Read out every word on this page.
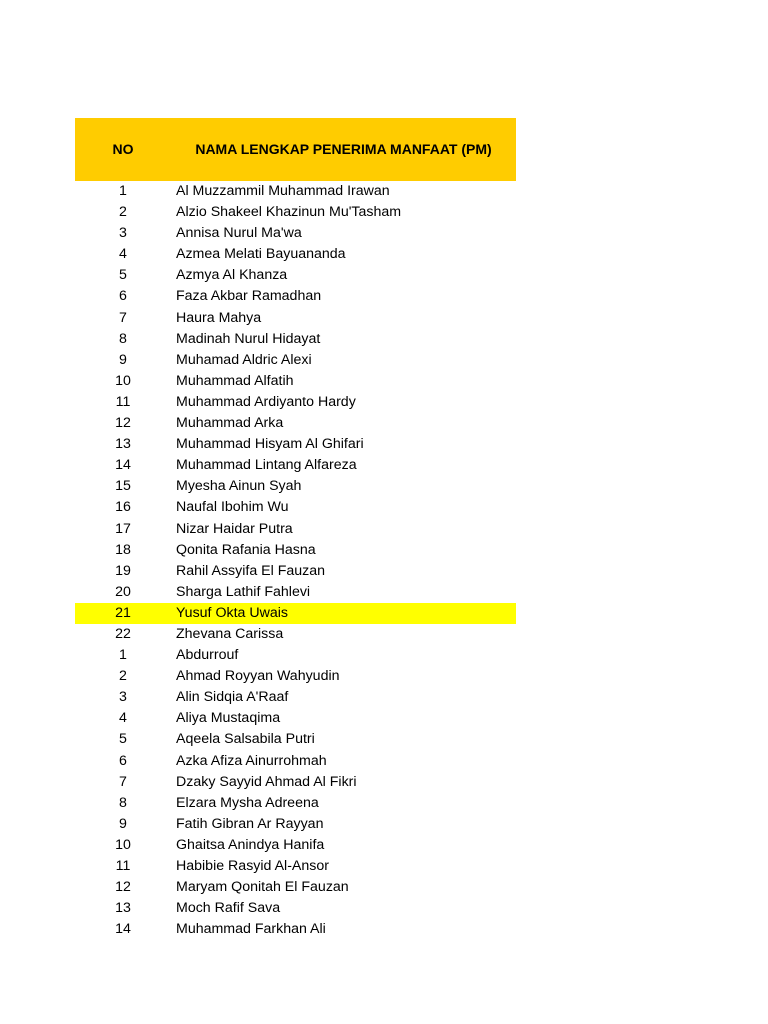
NO	NAMA LENGKAP PENERIMA MANFAAT (PM)
1	Al Muzzammil Muhammad Irawan
2	Alzio Shakeel Khazinun Mu'Tasham
3	Annisa Nurul Ma'wa
4	Azmea Melati Bayuananda
5	Azmya Al Khanza
6	Faza Akbar Ramadhan
7	Haura Mahya
8	Madinah Nurul Hidayat
9	Muhamad Aldric Alexi
10	Muhammad Alfatih
11	Muhammad Ardiyanto Hardy
12	Muhammad Arka
13	Muhammad Hisyam Al Ghifari
14	Muhammad Lintang Alfareza
15	Myesha Ainun Syah
16	Naufal Ibohim Wu
17	Nizar Haidar Putra
18	Qonita Rafania Hasna
19	Rahil Assyifa El Fauzan
20	Sharga Lathif Fahlevi
21	Yusuf Okta Uwais
22	Zhevana Carissa
1	Abdurrouf
2	Ahmad Royyan Wahyudin
3	Alin Sidqia A'Raaf
4	Aliya Mustaqima
5	Aqeela Salsabila Putri
6	Azka Afiza Ainurrohmah
7	Dzaky Sayyid Ahmad Al Fikri
8	Elzara Mysha Adreena
9	Fatih Gibran Ar Rayyan
10	Ghaitsa Anindya Hanifa
11	Habibie Rasyid Al-Ansor
12	Maryam Qonitah El Fauzan
13	Moch Rafif Sava
14	Muhammad Farkhan Ali
